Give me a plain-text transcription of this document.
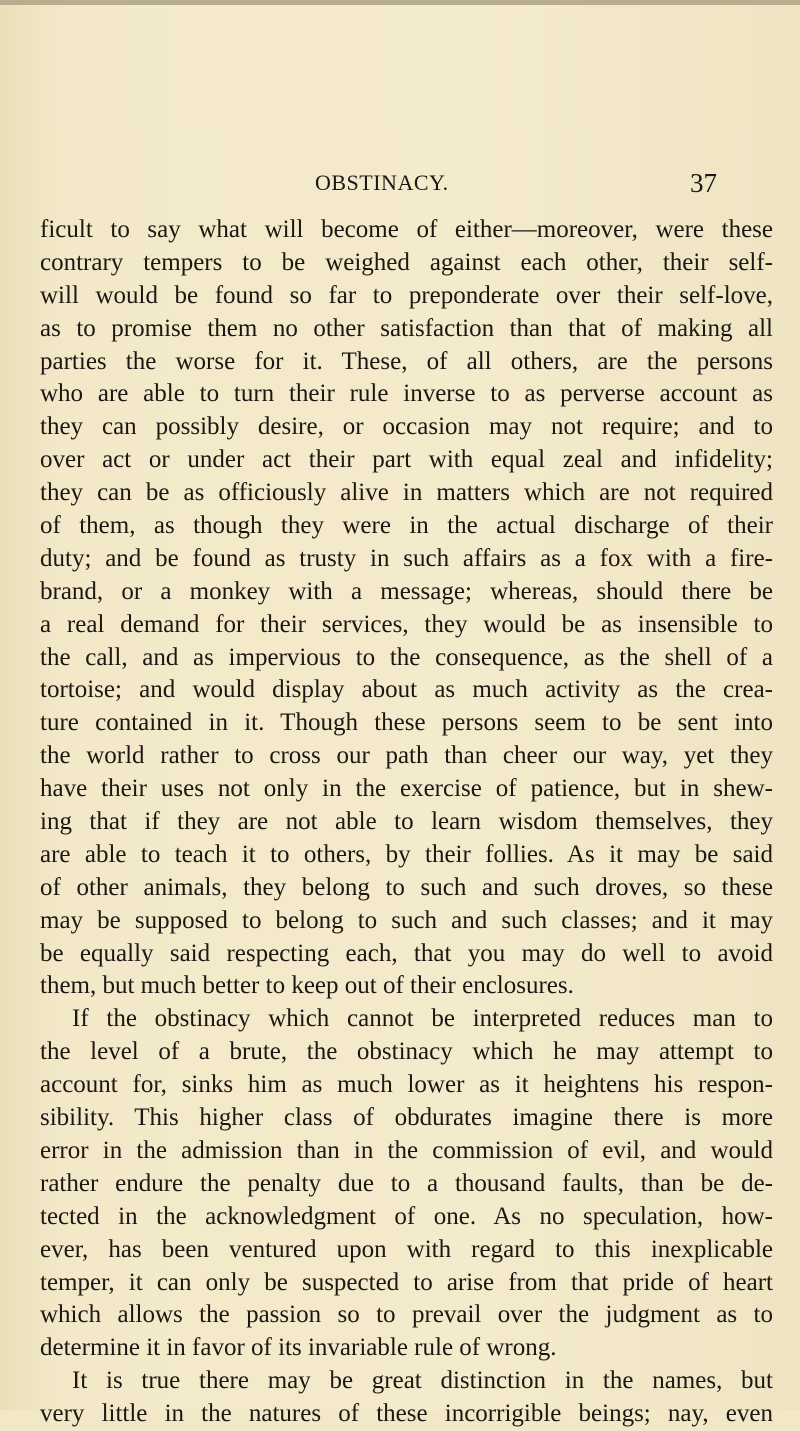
OBSTINACY.	37
ficult to say what will become of either—moreover, were these
contrary tempers to be weighed against each other, their self-
will would be found so far to preponderate over their self-love,
as to promise them no other satisfaction than that of making all
parties the worse for it. These, of all others, are the persons
who are able to turn their rule inverse to as perverse account as
they can possibly desire, or occasion may not require; and to
over act or under act their part with equal zeal and infidelity;
they can be as officiously alive in matters which are not required
of them, as though they were in the actual discharge of their
duty; and be found as trusty in such affairs as a fox with a fire-
brand, or a monkey with a message; whereas, should there be
a real demand for their services, they would be as insensible to
the call, and as impervious to the consequence, as the shell of a
tortoise; and would display about as much activity as the crea-
ture contained in it. Though these persons seem to be sent into
the world rather to cross our path than cheer our way, yet they
have their uses not only in the exercise of patience, but in shew-
ing that if they are not able to learn wisdom themselves, they
are able to teach it to others, by their follies. As it may be said
of other animals, they belong to such and such droves, so these
may be supposed to belong to such and such classes; and it may
be equally said respecting each, that you may do well to avoid
them, but much better to keep out of their enclosures.
If the obstinacy which cannot be interpreted reduces man to
the level of a brute, the obstinacy which he may attempt to
account for, sinks him as much lower as it heightens his respon-
sibility. This higher class of obdurates imagine there is more
error in the admission than in the commission of evil, and would
rather endure the penalty due to a thousand faults, than be de-
tected in the acknowledgment of one. As no speculation, how-
ever, has been ventured upon with regard to this inexplicable
temper, it can only be suspected to arise from that pride of heart
which allows the passion so to prevail over the judgment as to
determine it in favor of its invariable rule of wrong.
It is true there may be great distinction in the names, but
very little in the natures of these incorrigible beings; nay, even
